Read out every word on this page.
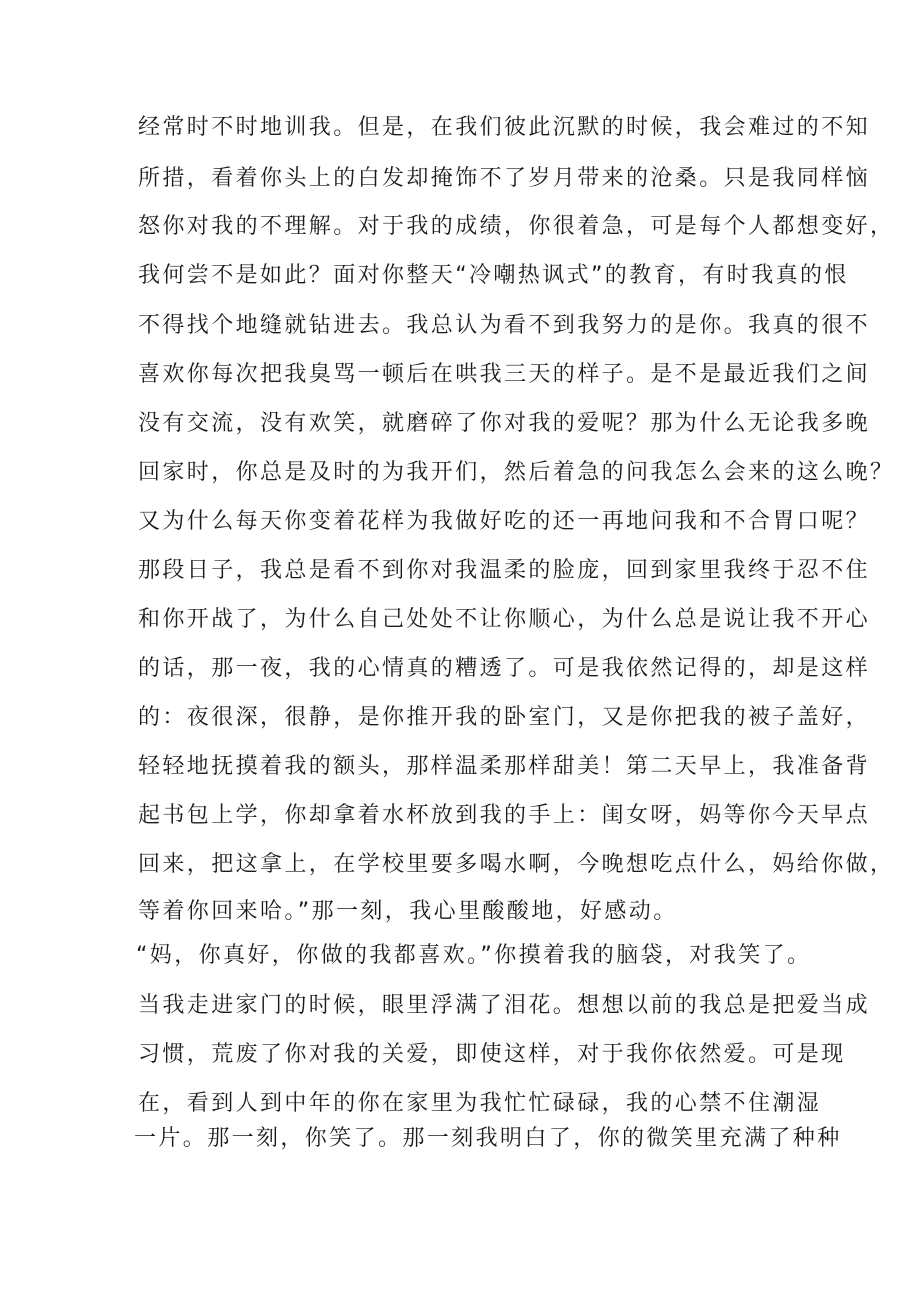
经常时不时地训我。但是，在我们彼此沉默的时候，我会难过的不知
所措，看着你头上的白发却掩饰不了岁月带来的沧桑。只是我同样恼
怒你对我的不理解。对于我的成绩，你很着急，可是每个人都想变好，
我何尝不是如此？面对你整天“冷嘲热讽式”的教育，有时我真的恨
不得找个地缝就钻进去。我总认为看不到我努力的是你。我真的很不
喜欢你每次把我臭骂一顿后在哄我三天的样子。是不是最近我们之间
没有交流，没有欢笑，就磨碎了你对我的爱呢？那为什么无论我多晚
回家时，你总是及时的为我开们，然后着急的问我怎么会来的这么晚？
又为什么每天你变着花样为我做好吃的还一再地问我和不合胃口呢？
那段日子，我总是看不到你对我温柔的脸庞，回到家里我终于忍不住
和你开战了，为什么自己处处不让你顺心，为什么总是说让我不开心
的话，那一夜，我的心情真的糟透了。可是我依然记得的，却是这样
的：夜很深，很静，是你推开我的卧室门，又是你把我的被子盖好，
轻轻地抚摸着我的额头，那样温柔那样甜美！第二天早上，我准备背
起书包上学，你却拿着水杯放到我的手上：闺女呀，妈等你今天早点
回来，把这拿上，在学校里要多喝水啊，今晚想吃点什么，妈给你做，
等着你回来哈。”那一刻，我心里酸酸地，好感动。
“妈，你真好，你做的我都喜欢。”你摸着我的脑袋，对我笑了。
当我走进家门的时候，眼里浮满了泪花。想想以前的我总是把爱当成
习惯，荒废了你对我的关爱，即使这样，对于我你依然爱。可是现
在，看到人到中年的你在家里为我忙忙碌碌，我的心禁不住潮湿
一片。那一刻，你笑了。那一刻我明白了，你的微笑里充满了种种
